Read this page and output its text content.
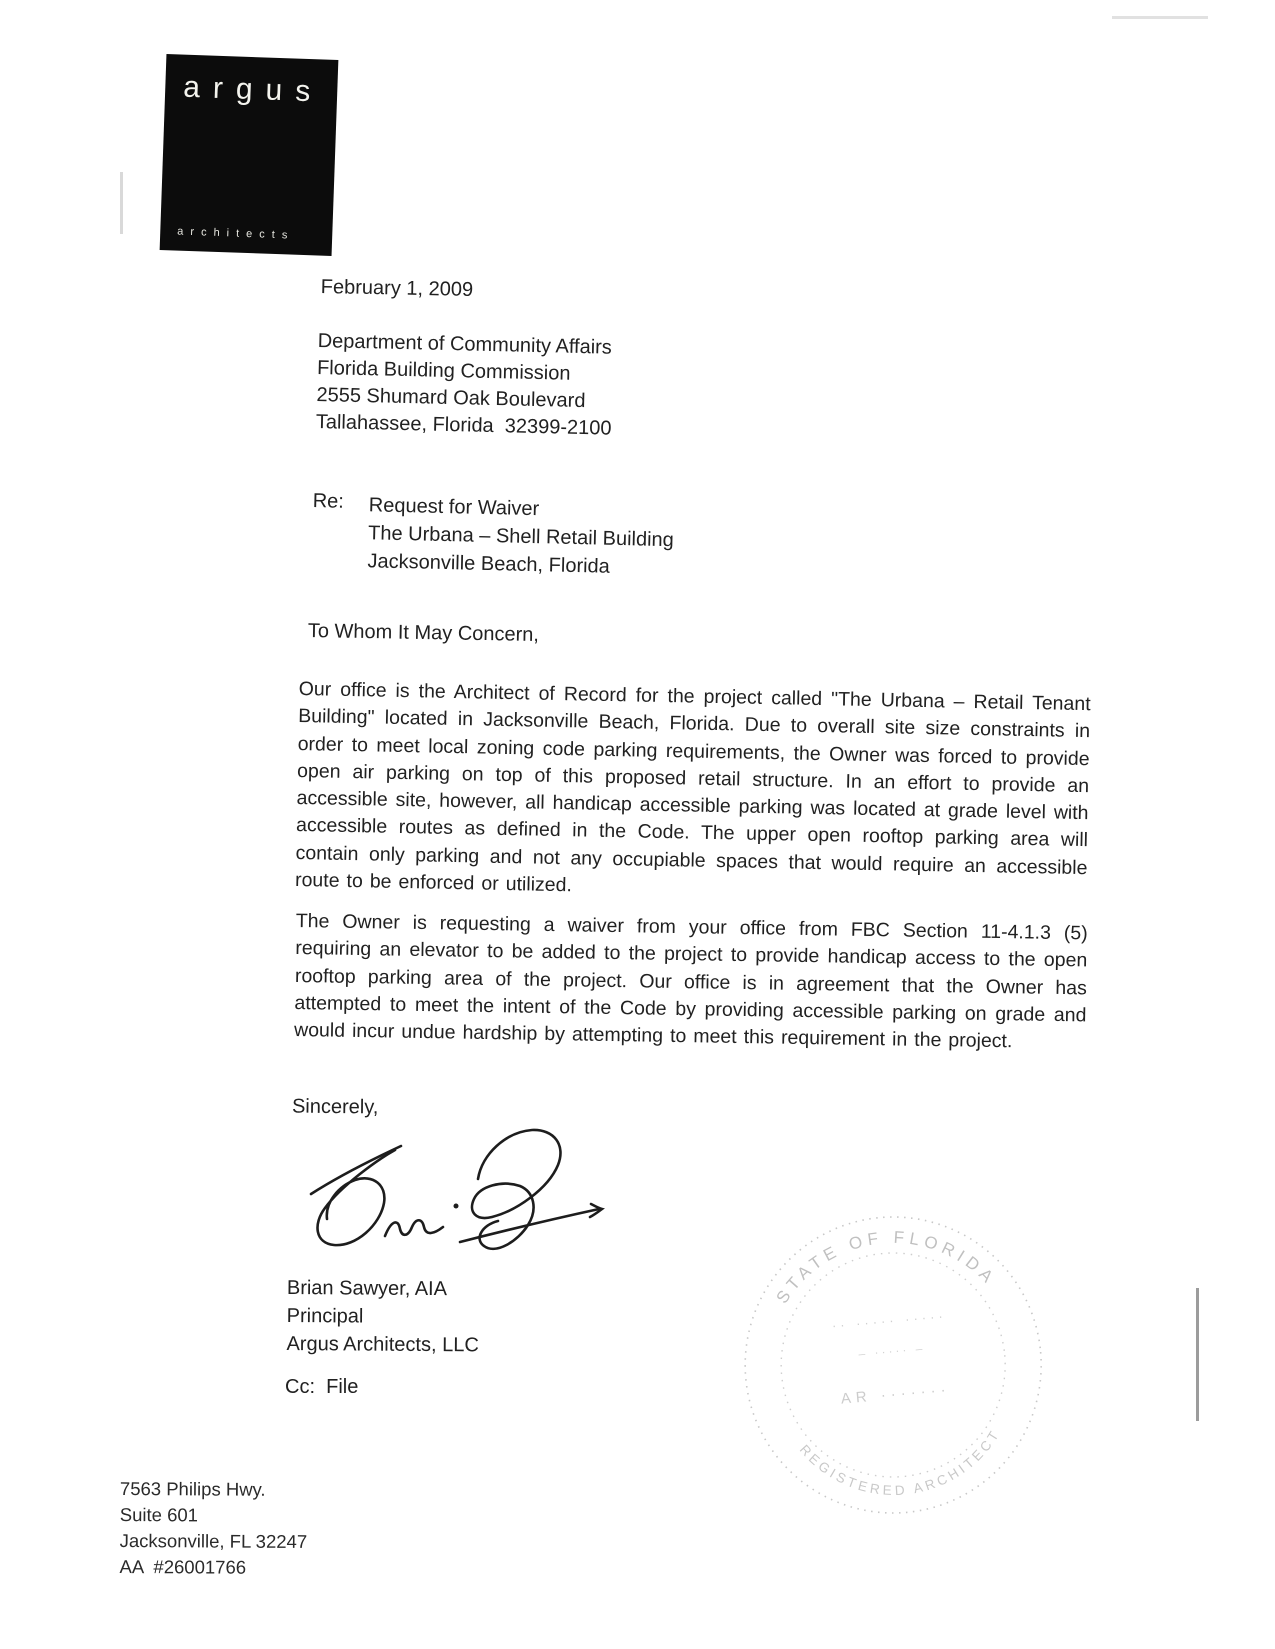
argus
architects
February 1, 2009
Department of Community Affairs
Florida Building Commission
2555 Shumard Oak Boulevard
Tallahassee, Florida  32399-2100
Re: Request for Waiver
The Urbana – Shell Retail Building
Jacksonville Beach, Florida
To Whom It May Concern,

Our office is the Architect of Record for the project called "The Urbana – Retail Tenant Building" located in Jacksonville Beach, Florida. Due to overall site size constraints in order to meet local zoning code parking requirements, the Owner was forced to provide open air parking on top of this proposed retail structure. In an effort to provide an accessible site, however, all handicap accessible parking was located at grade level with accessible routes as defined in the Code. The upper open rooftop parking area will contain only parking and not any occupiable spaces that would require an accessible route to be enforced or utilized.

The Owner is requesting a waiver from your office from FBC Section 11-4.1.3 (5) requiring an elevator to be added to the project to provide handicap access to the open rooftop parking area of the project. Our office is in agreement that the Owner has attempted to meet the intent of the Code by providing accessible parking on grade and would incur undue hardship by attempting to meet this requirement in the project.

Sincerely,
Brian Sawyer, AIA
Principal
Argus Architects, LLC
Cc:  File
STATE OF FLORIDA
REGISTERED ARCHITECT
·· ····· ·····
– ····· –
AR ·······
7563 Philips Hwy.
Suite 601
Jacksonville, FL 32247
AA  #26001766
